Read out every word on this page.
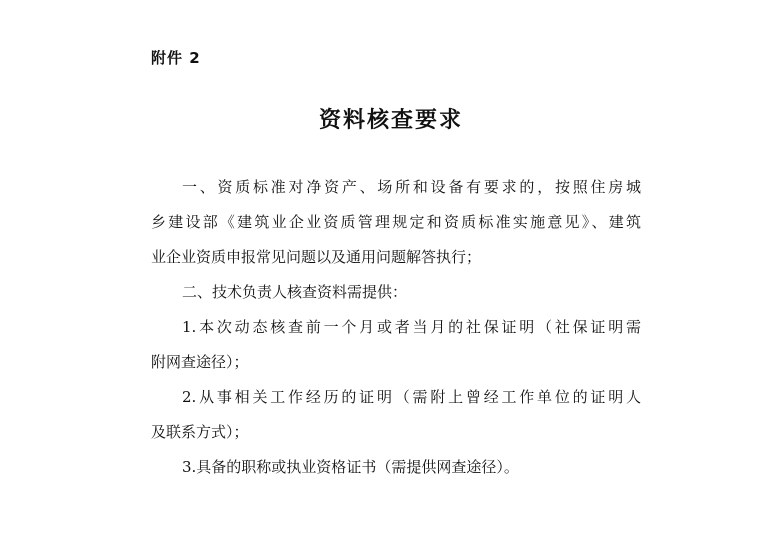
附件 2
资料核查要求
一、资质标准对净资产、场所和设备有要求的，按照住房城
乡建设部《建筑业企业资质管理规定和资质标准实施意见》、建筑
业企业资质申报常见问题以及通用问题解答执行；
二、技术负责人核查资料需提供：
1.本次动态核查前一个月或者当月的社保证明（社保证明需
附网查途径）；
2.从事相关工作经历的证明（需附上曾经工作单位的证明人
及联系方式）；
3.具备的职称或执业资格证书（需提供网查途径）。
